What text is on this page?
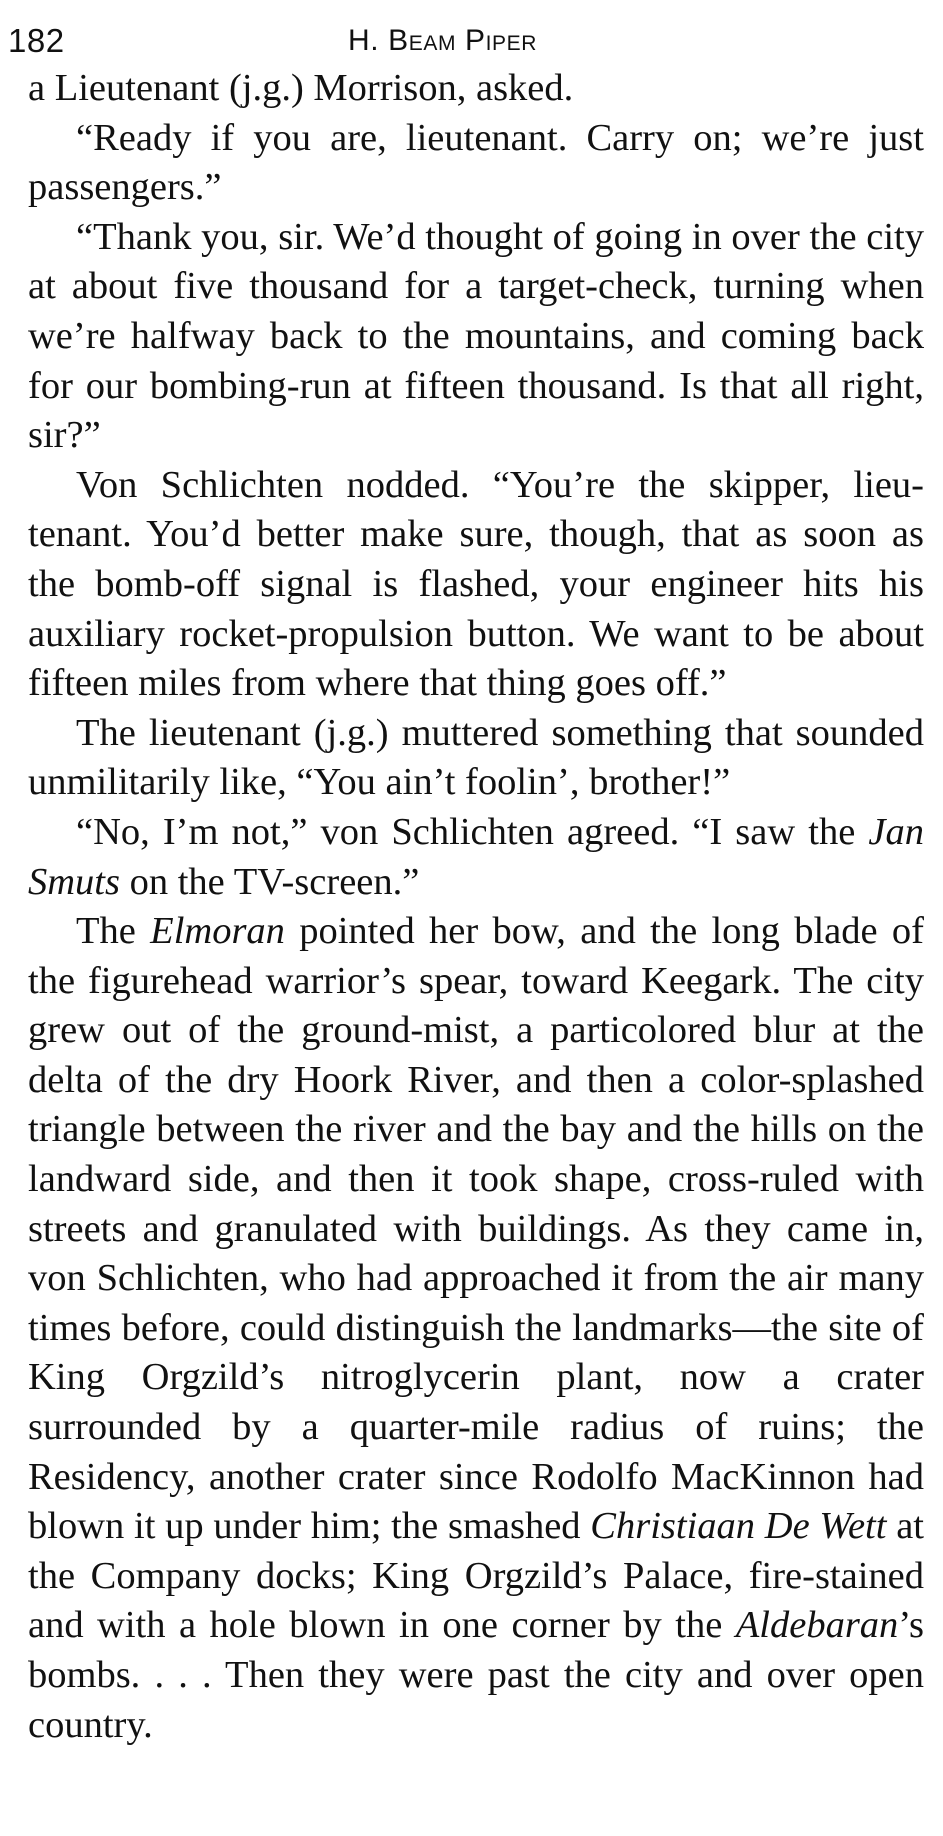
182	H. Beam Piper

a Lieutenant (j.g.) Morrison, asked.

“Ready if you are, lieutenant. Carry on; we’re just passengers.”

“Thank you, sir. We’d thought of going in over the city at about five thousand for a target-check, turning when we’re halfway back to the mountains, and coming back for our bombing-run at fifteen thousand. Is that all right, sir?”

Von Schlichten nodded. “You’re the skipper, lieutenant. You’d better make sure, though, that as soon as the bomb-off signal is flashed, your engineer hits his auxiliary rocket-propulsion button. We want to be about fifteen miles from where that thing goes off.”

The lieutenant (j.g.) muttered something that sounded unmilitarily like, “You ain’t foolin’, brother!”

“No, I’m not,” von Schlichten agreed. “I saw the Jan Smuts on the TV-screen.”

The Elmoran pointed her bow, and the long blade of the figurehead warrior’s spear, toward Keegark. The city grew out of the ground-mist, a particolored blur at the delta of the dry Hoork River, and then a color-splashed triangle between the river and the bay and the hills on the landward side, and then it took shape, cross-ruled with streets and granulated with buildings. As they came in, von Schlichten, who had approached it from the air many times before, could distinguish the landmarks—the site of King Orgzild’s nitroglycerin plant, now a crater surrounded by a quarter-mile radius of ruins; the Residency, another crater since Rodolfo MacKinnon had blown it up under him; the smashed Christiaan De Wett at the Company docks; King Orgzild’s Palace, fire-stained and with a hole blown in one corner by the Aldebaran’s bombs. . . . Then they were past the city and over open country.
